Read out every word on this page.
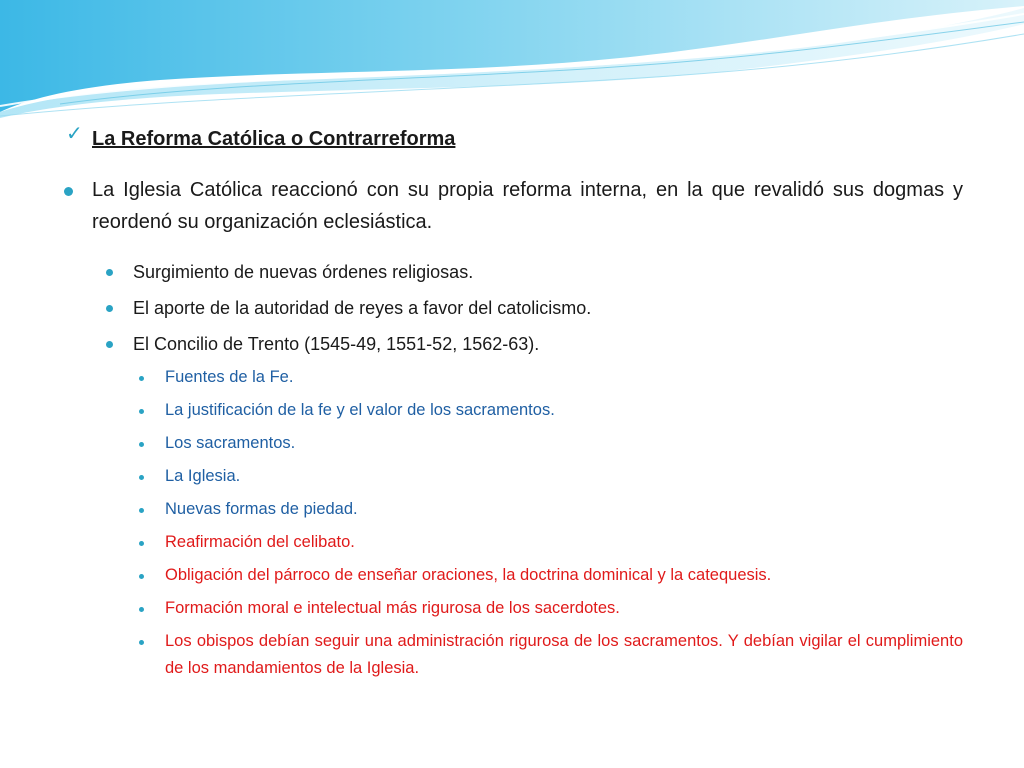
✓ La Reforma Católica o Contrarreforma
La Iglesia Católica reaccionó con su propia reforma interna, en la que revalidó sus dogmas y reordenó su organización eclesiástica.
Surgimiento de nuevas órdenes religiosas.
El aporte de la autoridad de reyes a favor del catolicismo.
El Concilio de Trento (1545-49, 1551-52, 1562-63).
Fuentes de la Fe.
La justificación de la fe y el valor de los sacramentos.
Los sacramentos.
La Iglesia.
Nuevas formas de piedad.
Reafirmación del celibato.
Obligación del párroco de enseñar oraciones, la doctrina dominical y la catequesis.
Formación moral e intelectual más rigurosa de los sacerdotes.
Los obispos debían seguir una administración rigurosa de los sacramentos. Y debían vigilar el cumplimiento de los mandamientos de la Iglesia.
